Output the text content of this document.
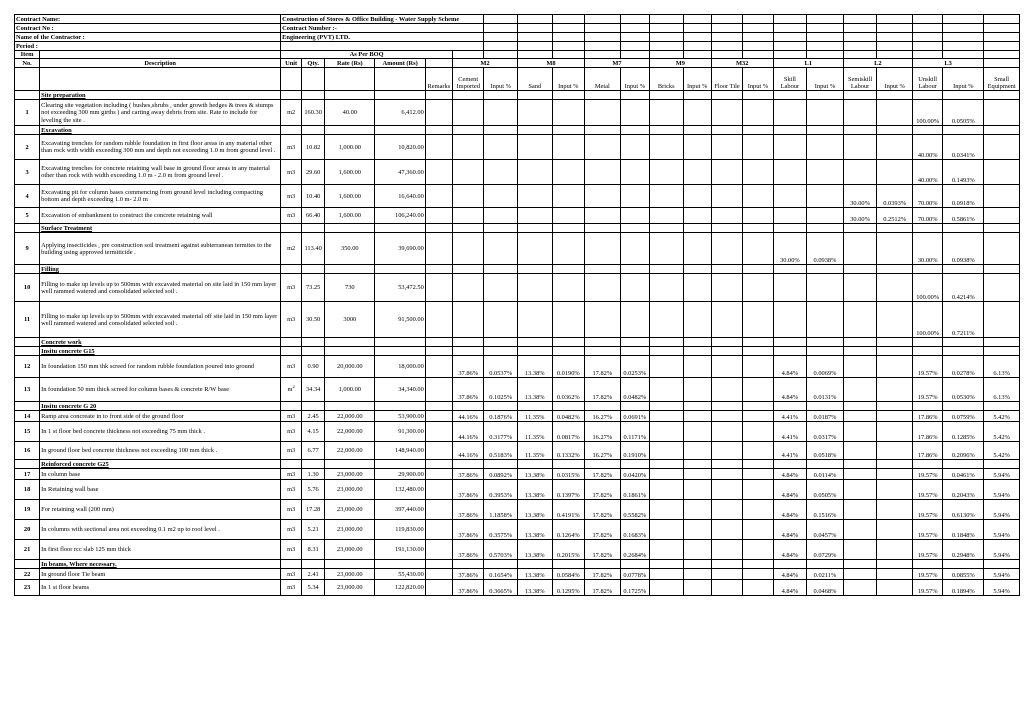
Contract Name:		Construction of Stores & Office Building - Water Supply Scheme																					
Contract No :		Contract Number :-																					
Name of the Contractor :		Engineering (PVT) LTD.																					
Period :																							
Item		As Per BOQ																					
No.	Description	Unit	Qty.	Rate (Rs)	Amount (Rs)		M2		M8		M7		M9		M32		L1		L2		L3		
						Remarks	Cement Imported	Input %	Sand	Input %	Metal	Input %	Bricks	Input %	Floor Tile	Input %	Skill Labour	Input %	Semiskill Labour	Input %	Unskill Labour	Input %	Small Equipment
	Site preparation																						
1	Clearing site vegetation including ( bushes,shrubs , under growth hedges & trees & stumps not exceeding 300 mm girths ) and carting away debris from site. Rate to include for leveling the site .	m2	160.30	40.00	6,412.00																100.00%	0.0505%	
	Excavation																						
2	Excavating trenches for random rubble foundation in first floor areas in any material other than rock with width exceeding 300 mm and depth not exceeding 1.0 m from ground level .	m3	10.82	1,000.00	10,820.00																40.00%	0.0341%	
3	Excavating trenches for concrete retaining wall base in ground floor areas in any material other than rock with width exceeding 1.0 m - 2.0 m from ground level .	m3	29.60	1,600.00	47,360.00																40.00%	0.1493%	
4	Excavating pit for column bases commencing from ground level including compacting bottom and depth exceeding 1.0 m- 2.0 m	m3	10.40	1,600.00	16,640.00														30.00%	0.0393%	70.00%	0.0918%	
5	Excavation of embankment to construct the concrete retaining wall	m3	66.40	1,600.00	106,240.00														30.00%	0.2512%	70.00%	0.5861%	
	Surface Treatment																						
9	Applying insecticides , pre construction soil treatment against subterranean termites to the building using approved termiticide .	m2	113.40	350.00	39,690.00												30.00%	0.0938%			30.00%	0.0938%	
	Filling																						
10	Filling to make up levels up to 500mm with excavated material on site laid in 150 mm layer well rammed watered and consolidated selected soil .	m3	73.25	730	53,472.50																100.00%	0.4214%	
11	Filling to make up levels up to 500mm with excavated material off site laid in 150 mm layer well rammed watered and consolidated selected soil .	m3	30.50	3000	91,500.00																100.00%	0.7211%	
	Concrete work																						
	Insitu concrete G15																						
12	In foundation 150 mm thk screed for random rubble foundation poured into ground	m3	0.90	20,000.00	18,000.00		37.86%	0.0537%	13.38%	0.0190%	17.82%	0.0253%					4.84%	0.0069%			19.57%	0.0278%	6.13%
13	In foundation 50 mm thick screed for column bases & concrete R/W base	$m^2$	34.34	1,000.00	34,340.00		37.86%	0.1025%	13.38%	0.0362%	17.82%	0.0482%					4.84%	0.0131%			19.57%	0.0530%	6.13%
	Insitu concrete G 20																						
14	Ramp area concreate in to front side of the ground floor	m3	2.45	22,000.00	53,900.00		44.16%	0.1876%	11.35%	0.0482%	16.27%	0.0691%					4.41%	0.0187%			17.86%	0.0759%	5.42%
15	In 1 st floor bed concrete thickness not exceeding 75 mm thick .	m3	4.15	22,000.00	91,300.00		44.16%	0.3177%	11.35%	0.0817%	16.27%	0.1171%					4.41%	0.0317%			17.86%	0.1285%	5.42%
16	In ground floor bed concrete thickness not exceeding 100 mm thick .	m3	6.77	22,000.00	148,940.00		44.16%	0.5183%	11.35%	0.1332%	16.27%	0.1910%					4.41%	0.0518%			17.86%	0.2096%	5.42%
	Reinforced concrete G25																						
17	In column base	m3	1.30	23,000.00	29,900.00		37.86%	0.0892%	13.38%	0.0315%	17.82%	0.0420%					4.84%	0.0114%			19.57%	0.0461%	5.94%
18	In Retaining wall base	m3	5.76	23,000.00	132,480.00		37.86%	0.3953%	13.38%	0.1397%	17.82%	0.1861%					4.84%	0.0505%			19.57%	0.2043%	5.94%
19	For retaining wall (200 mm)	m3	17.28	23,000.00	397,440.00		37.86%	1.1858%	13.38%	0.4191%	17.82%	0.5582%					4.84%	0.1516%			19.57%	0.6130%	5.94%
20	In columns with sectional area not exceeding 0.1 m2 up to roof level .	m3	5.21	23,000.00	119,830.00		37.86%	0.3575%	13.38%	0.1264%	17.82%	0.1683%					4.84%	0.0457%			19.57%	0.1848%	5.94%
21	In first floor rcc slab 125 mm thick	m3	8.31	23,000.00	191,130.00		37.86%	0.5703%	13.38%	0.2015%	17.82%	0.2684%					4.84%	0.0729%			19.57%	0.2948%	5.94%
	In beams, Where necessary.																						
22	In ground floor Tie beam	m3	2.41	23,000.00	55,430.00		37.86%	0.1654%	13.38%	0.0584%	17.82%	0.0778%					4.84%	0.0211%			19.57%	0.0855%	5.94%
23	In 1 st floor beams	m3	5.34	23,000.00	122,820.00		37.86%	0.3665%	13.38%	0.1295%	17.82%	0.1725%					4.84%	0.0468%			19.57%	0.1894%	5.94%
